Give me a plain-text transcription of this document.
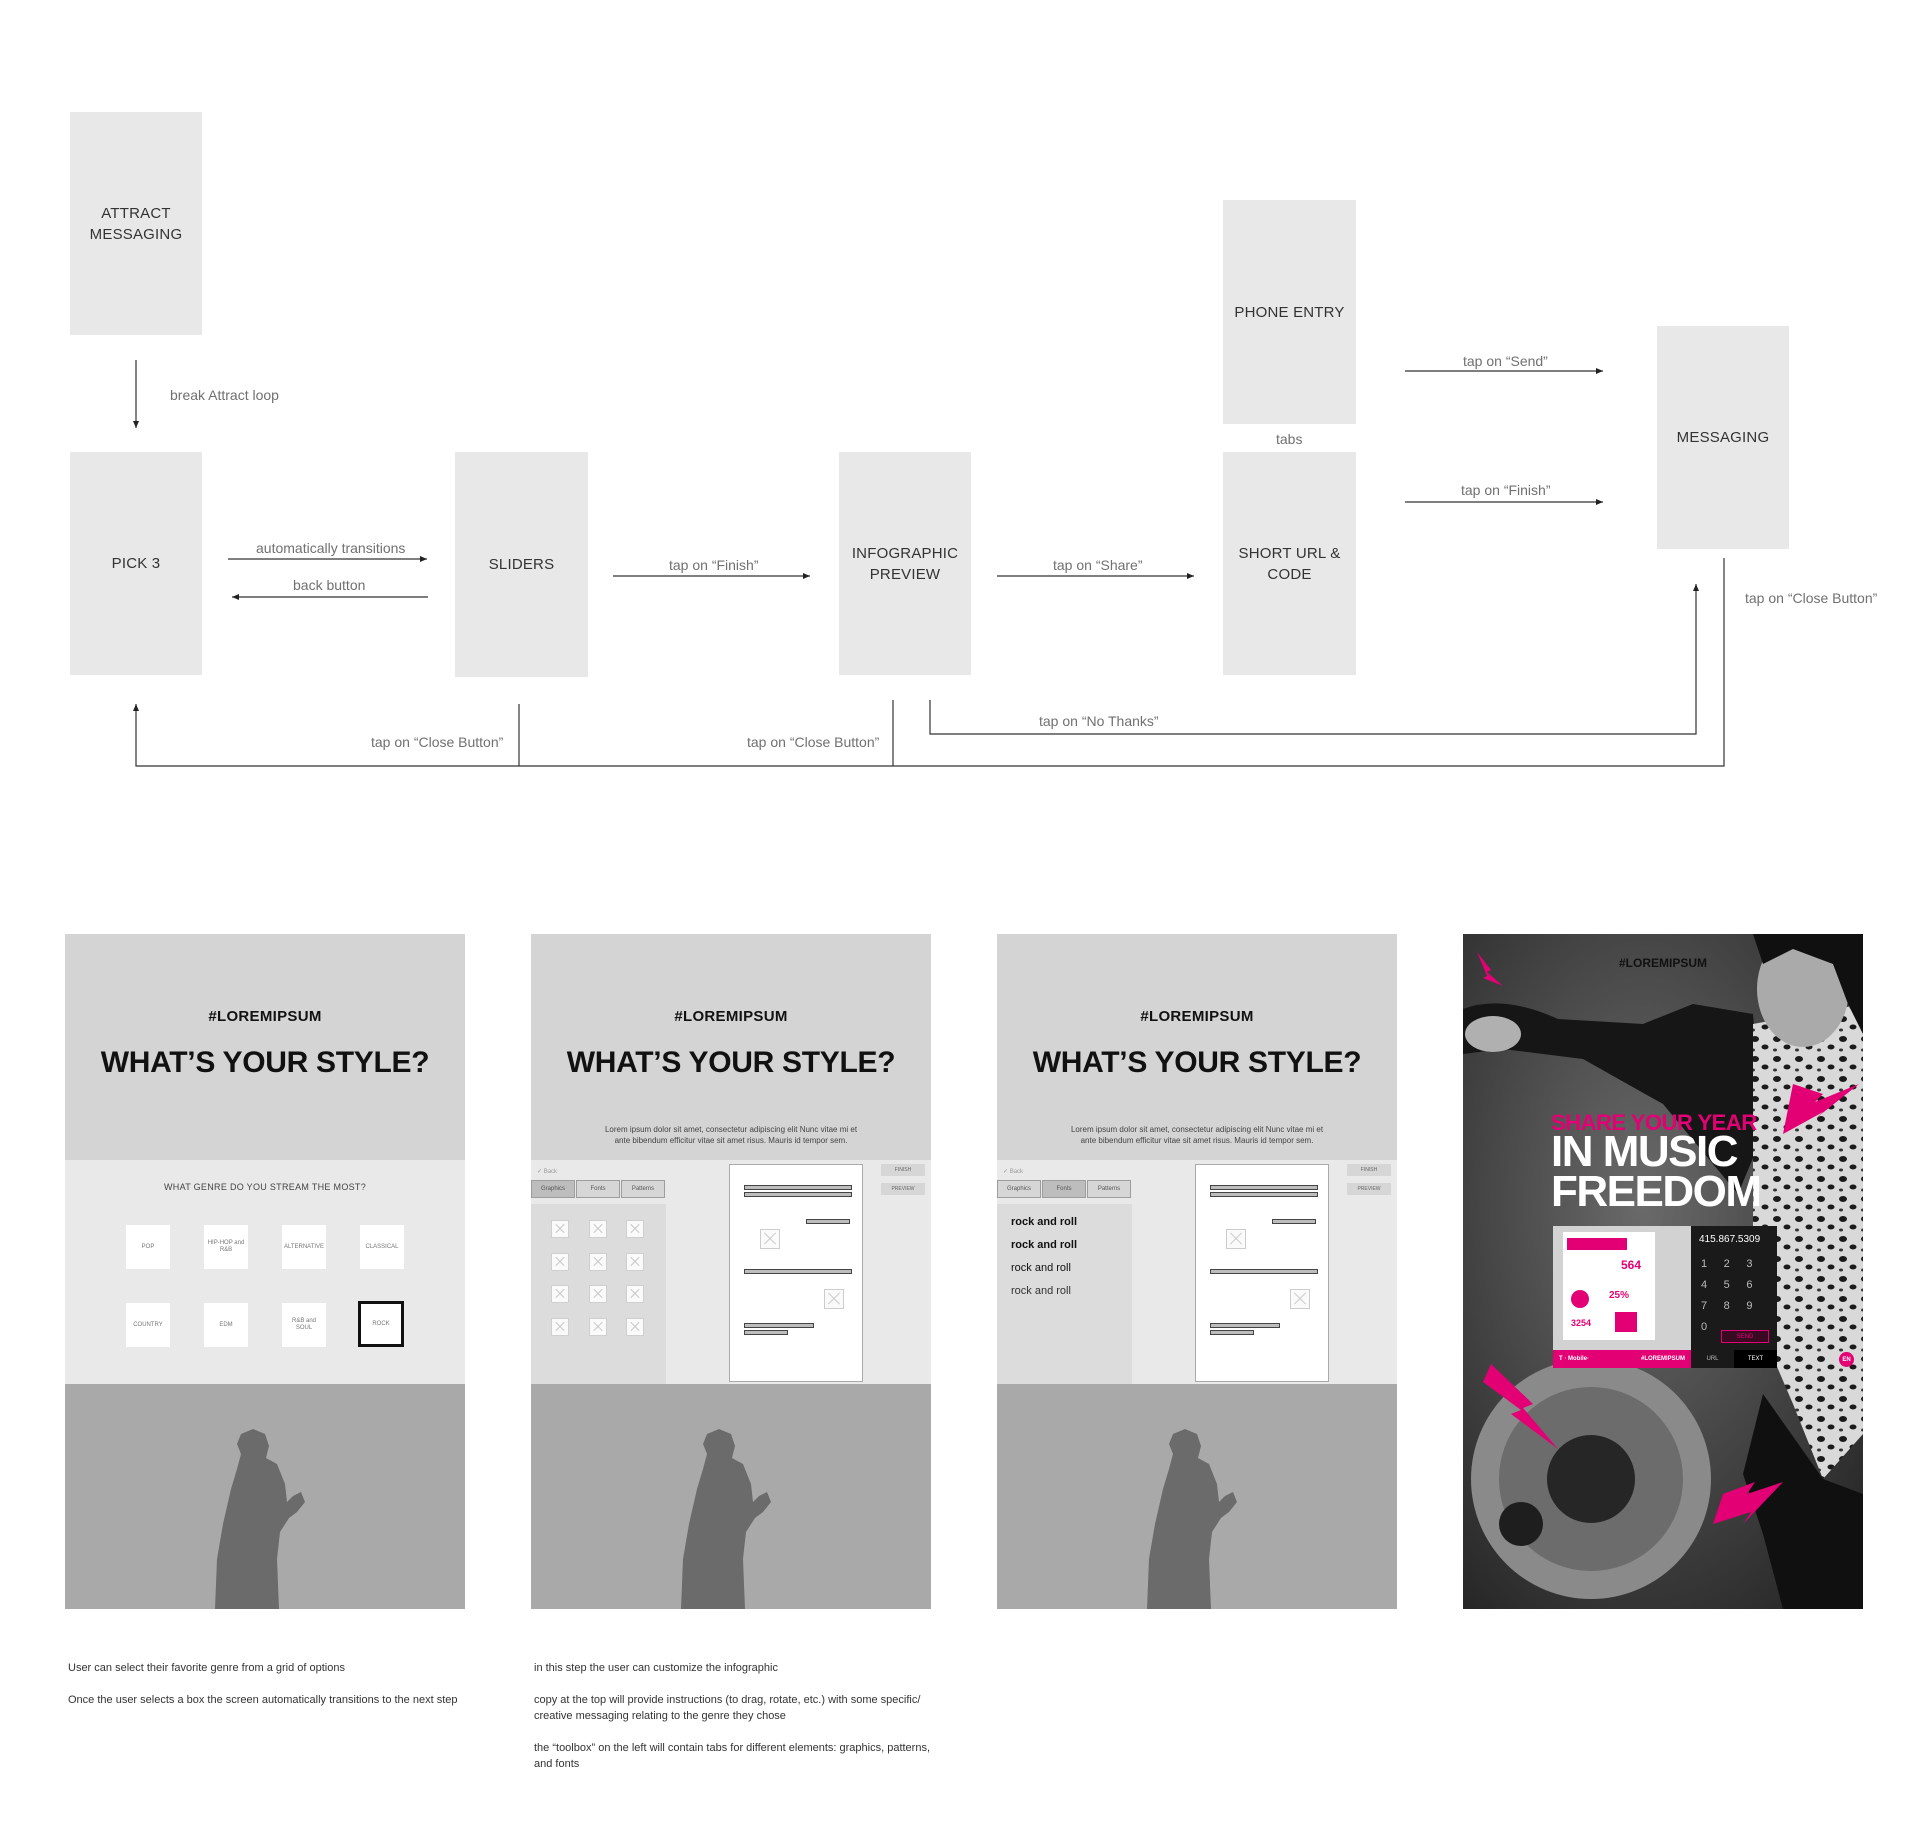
ATTRACT
MESSAGING
PICK 3	SLIDERS
INFOGRAPHIC
PREVIEW
PHONE ENTRY
SHORT URL &
CODE
MESSAGING
break Attract loop
automatically transitions
back button
tap on “Finish”	tap on “Share”
tabs
tap on “Send”
tap on “Finish”
tap on “Close Button”
tap on “No Thanks”
tap on “Close Button”	tap on “Close Button”
#LOREMIPSUM
WHAT’S YOUR STYLE?
WHAT GENRE DO YOU STREAM THE MOST?
POP
HIP-HOP and
R&B
ALTERNATIVE	CLASSICAL
COUNTRY	EDM
R&B and
SOUL
ROCK
#LOREMIPSUM
WHAT’S YOUR STYLE?
Lorem ipsum dolor sit amet, consectetur adipiscing elit Nunc vitae mi et ante bibendum efficitur vitae sit amet risus. Mauris id tempor sem.
✓ Back
Graphics	Fonts	Patterns
FINISH
PREVIEW
#LOREMIPSUM
WHAT’S YOUR STYLE?
Lorem ipsum dolor sit amet, consectetur adipiscing elit Nunc vitae mi et ante bibendum efficitur vitae sit amet risus. Mauris id tempor sem.
✓ Back
Graphics	Fonts	Patterns
rock and roll
rock and roll
rock and roll
rock and roll
FINISH
PREVIEW
#LOREMIPSUM
SHARE YOUR YEAR
IN MUSIC
FREEDOM
564
25%
3254
T · Mobile·	#LOREMIPSUM
415.867.5309
1	2	3
4	5	6
7	8	9
0
SEND
URL	TEXT	EN
User can select their favorite genre from a grid of options
Once the user selects a box the screen automatically transitions to the next step
in this step the user can customize the infographic
copy at the top will provide instructions (to drag, rotate, etc.) with some specific/ creative messaging relating to the genre they chose
the “toolbox” on the left will contain tabs for different elements: graphics, patterns, and fonts
